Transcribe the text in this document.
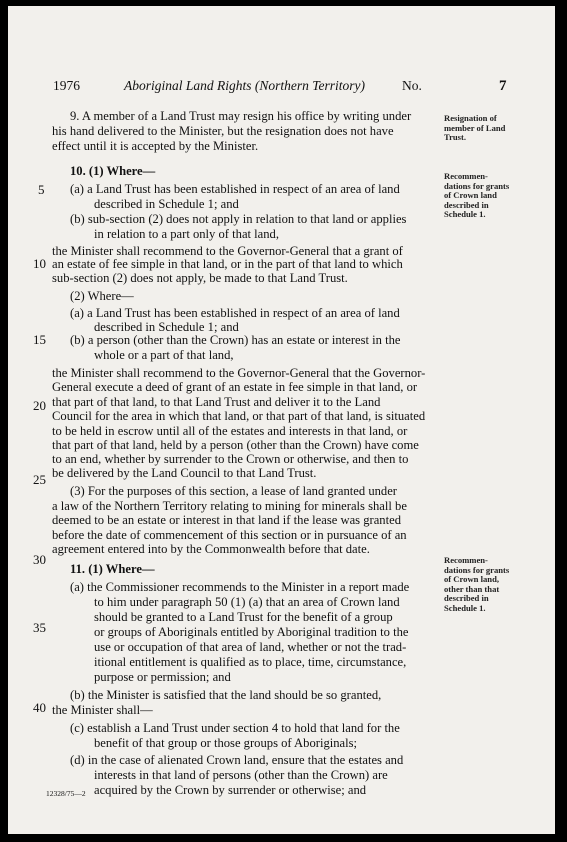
1976	Aboriginal Land Rights (Northern Territory)	No.	7
Resignation of member of Land Trust.
Recommen-dations for grants of Crown land described in Schedule 1.
Recommen-dations for grants of Crown land, other than that described in Schedule 1.
5
10
15
20
25
30
35
40
9. A member of a Land Trust may resign his office by writing under
his hand delivered to the Minister, but the resignation does not have
effect until it is accepted by the Minister.
10. (1) Where—
(a) a Land Trust has been established in respect of an area of land
described in Schedule 1; and
(b) sub-section (2) does not apply in relation to that land or applies
in relation to a part only of that land,
the Minister shall recommend to the Governor-General that a grant of
an estate of fee simple in that land, or in the part of that land to which
sub-section (2) does not apply, be made to that Land Trust.
(2) Where—
(a) a Land Trust has been established in respect of an area of land
described in Schedule 1; and
(b) a person (other than the Crown) has an estate or interest in the
whole or a part of that land,
the Minister shall recommend to the Governor-General that the Governor-
General execute a deed of grant of an estate in fee simple in that land, or
that part of that land, to that Land Trust and deliver it to the Land
Council for the area in which that land, or that part of that land, is situated
to be held in escrow until all of the estates and interests in that land, or
that part of that land, held by a person (other than the Crown) have come
to an end, whether by surrender to the Crown or otherwise, and then to
be delivered by the Land Council to that Land Trust.
(3) For the purposes of this section, a lease of land granted under
a law of the Northern Territory relating to mining for minerals shall be
deemed to be an estate or interest in that land if the lease was granted
before the date of commencement of this section or in pursuance of an
agreement entered into by the Commonwealth before that date.
11. (1) Where—
(a) the Commissioner recommends to the Minister in a report made
to him under paragraph 50 (1) (a) that an area of Crown land
should be granted to a Land Trust for the benefit of a group
or groups of Aboriginals entitled by Aboriginal tradition to the
use or occupation of that area of land, whether or not the trad-
itional entitlement is qualified as to place, time, circumstance,
purpose or permission; and
(b) the Minister is satisfied that the land should be so granted,
the Minister shall—
(c) establish a Land Trust under section 4 to hold that land for the
benefit of that group or those groups of Aboriginals;
(d) in the case of alienated Crown land, ensure that the estates and
interests in that land of persons (other than the Crown) are
acquired by the Crown by surrender or otherwise; and
12328/75—2
